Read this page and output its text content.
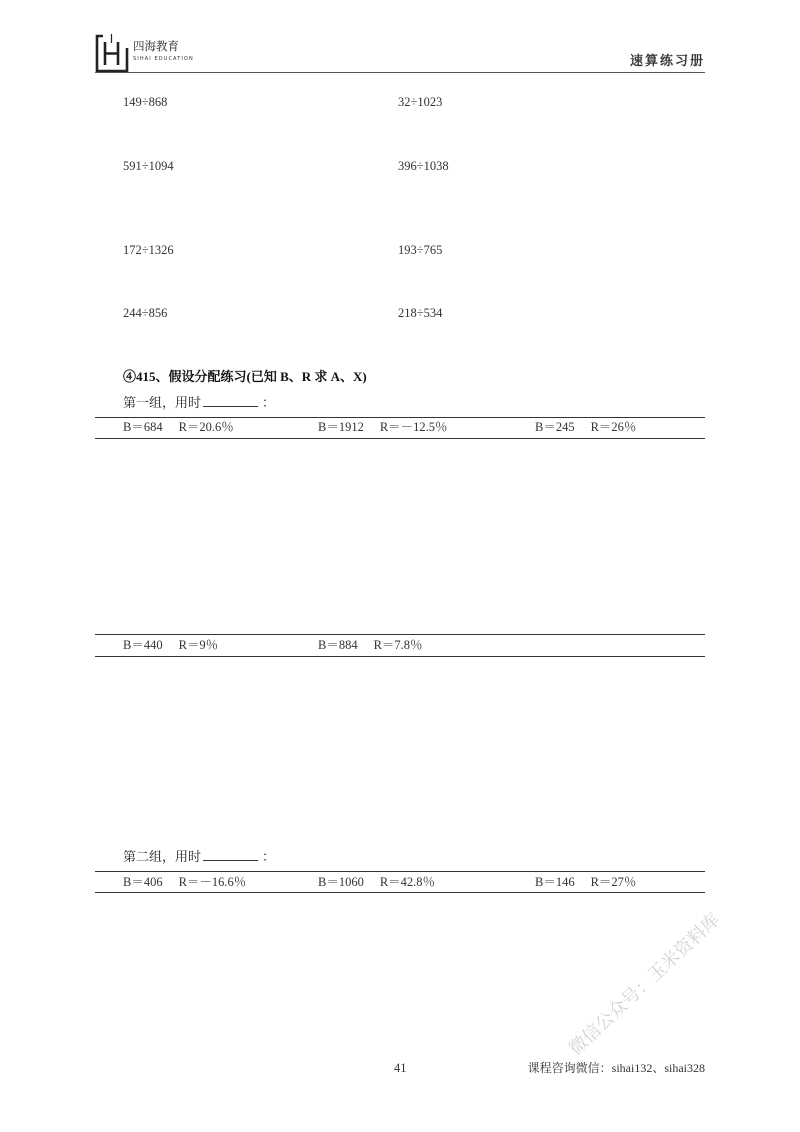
四海教育
SIHAI EDUCATION	速算练习册
149÷868	32÷1023
591÷1094	396÷1038
172÷1326	193÷765
244÷856	218÷534
④415、假设分配练习(已知 B、R 求 A、X)
第一组，用时	：
B＝684 R＝20.6％	B＝1912 R＝－12.5％	B＝245 R＝26％
B＝440 R＝9％	B＝884 R＝7.8％
第二组，用时	：
B＝406 R＝－16.6％	B＝1060 R＝42.8％	B＝146 R＝27％
微信公众号：玉米资料库
41	课程咨询微信：sihai132、sihai328
